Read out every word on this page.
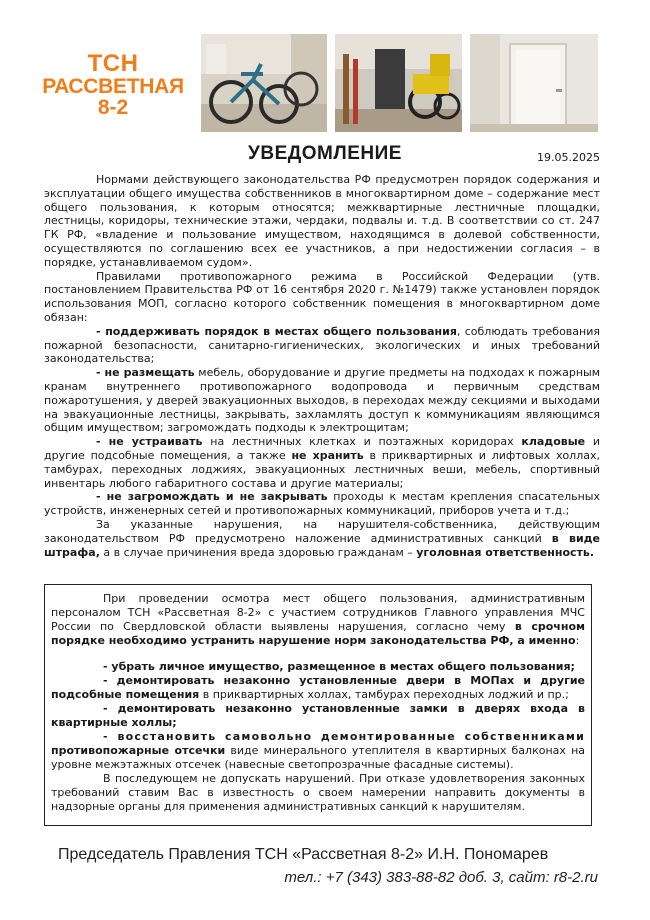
ТСН
РАССВЕТНАЯ
8-2
УВЕДОМЛЕНИЕ	19.05.2025

Нормами действующего законодательства РФ предусмотрен порядок содержания и эксплуатации общего имущества собственников в многоквартирном доме – содержание мест общего пользования, к которым относятся; межквартирные лестничные площадки, лестницы, коридоры, технические этажи, чердаки, подвалы и. т.д. В соответствии со ст. 247 ГК РФ, «владение и пользование имуществом, находящимся в долевой собственности, осуществляются по соглашению всех ее участников, а при недостижении согласия – в порядке, устанавливаемом судом».

Правилами противопожарного режима в Российской Федерации (утв. постановлением Правительства РФ от 16 сентября 2020 г. №1479) также установлен порядок использования МОП, согласно которого собственник помещения в многоквартирном доме обязан:

- поддерживать порядок в местах общего пользования, соблюдать требования пожарной безопасности, санитарно-гигиенических, экологических и иных требований законодательства;

- не размещать мебель, оборудование и другие предметы на подходах к пожарным кранам внутреннего противопожарного водопровода и первичным средствам пожаротушения, у дверей эвакуационных выходов, в переходах между секциями и выходами на эвакуационные лестницы, закрывать, захламлять доступ к коммуникациям являющимся общим имуществом; загромождать подходы к электрощитам;

- не устраивать на лестничных клетках и поэтажных коридорах кладовые и другие подсобные помещения, а также не хранить в приквартирных и лифтовых холлах, тамбурах, переходных лоджиях, эвакуационных лестничных веши, мебель, спортивный инвентарь любого габаритного состава и другие материалы;

- не загромождать и не закрывать проходы к местам крепления спасательных устройств, инженерных сетей и противопожарных коммуникаций, приборов учета и т.д.;

За указанные нарушения, на нарушителя-собственника, действующим законодательством РФ предусмотрено наложение административных санкций в виде штрафа, а в случае причинения вреда здоровью гражданам – уголовная ответственность.

При проведении осмотра мест общего пользования, административным персоналом ТСН «Рассветная 8-2» с участием сотрудников Главного управления МЧС России по Свердловской области выявлены нарушения, согласно чему в срочном порядке необходимо устранить нарушение норм законодательства РФ, а именно:

- убрать личное имущество, размещенное в местах общего пользования;

- демонтировать незаконно установленные двери в МОПах и другие подсобные помещения в приквартирных холлах, тамбурах переходных лоджий и пр.;

- демонтировать незаконно установленные замки в дверях входа в квартирные холлы;

- восстановить самовольно демонтированные собственниками противопожарные отсечки виде минерального утеплителя в квартирных балконах на уровне межэтажных отсечек (навесные светопрозрачные фасадные системы).

В последующем не допускать нарушений. При отказе удовлетворения законных требований ставим Вас в известность о своем намерении направить документы в надзорные органы для применения административных санкций к нарушителям.

Председатель Правления ТСН «Рассветная 8-2» И.Н. Пономарев
тел.: +7 (343) 383-88-82 доб. 3, сайт: r8-2.ru
